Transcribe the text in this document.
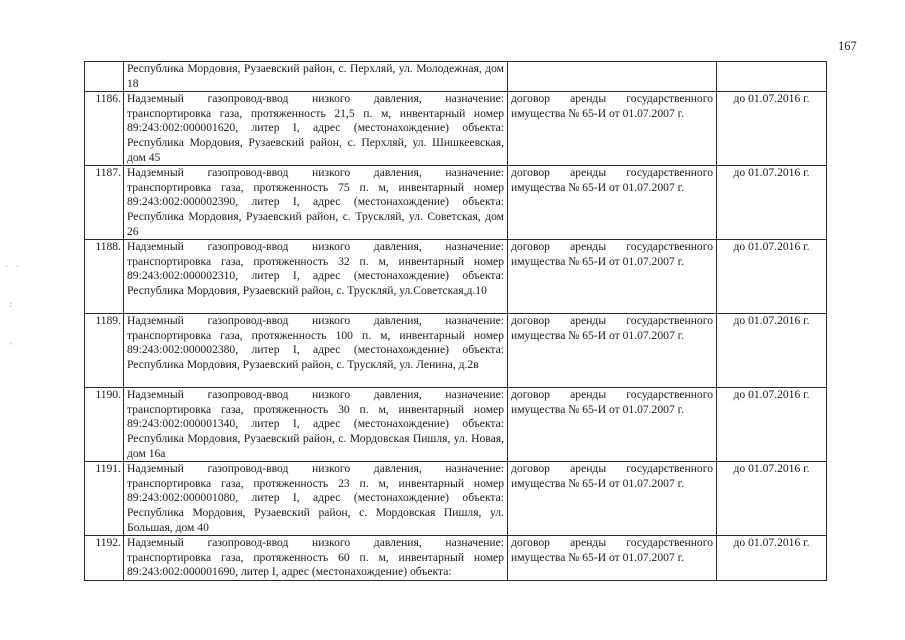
167

	Республика Мордовия, Рузаевский район, с. Перхляй, ул. Молодежная, дом 18		

1186.	Надземный газопровод-ввод низкого давления, назначение: транспортировка газа, протяженность 21,5 п. м, инвентарный номер 89:243:002:000001620, литер I, адрес (местонахождение) объекта: Республика Мордовия, Рузаевский район, с. Перхляй, ул. Шишкеевская, дом 45	договор аренды государственного имущества № 65-И от 01.07.2007 г.	до 01.07.2016 г.

1187.	Надземный газопровод-ввод низкого давления, назначение: транспортировка газа, протяженность 75 п. м, инвентарный номер 89:243:002:000002390, литер I, адрес (местонахождение) объекта: Республика Мордовия, Рузаевский район, с. Трускляй, ул. Советская, дом 26	договор аренды государственного имущества № 65-И от 01.07.2007 г.	до 01.07.2016 г.

1188.	Надземный газопровод-ввод низкого давления, назначение: транспортировка газа, протяженность 32 п. м, инвентарный номер 89:243:002:000002310, литер I, адрес (местонахождение) объекта: Республика Мордовия, Рузаевский район, с. Трускляй, ул.Советская,д.10	договор аренды государственного имущества № 65-И от 01.07.2007 г.	до 01.07.2016 г.

1189.	Надземный газопровод-ввод низкого давления, назначение: транспортировка газа, протяженность 100 п. м, инвентарный номер 89:243:002:000002380, литер I, адрес (местонахождение) объекта: Республика Мордовия, Рузаевский район, с. Трускляй, ул. Ленина, д.2в	договор аренды государственного имущества № 65-И от 01.07.2007 г.	до 01.07.2016 г.

1190.	Надземный газопровод-ввод низкого давления, назначение: транспортировка газа, протяженность 30 п. м, инвентарный номер 89:243:002:000001340, литер I, адрес (местонахождение) объекта: Республика Мордовия, Рузаевский район, с. Мордовская Пишля, ул. Новая, дом 16а	договор аренды государственного имущества № 65-И от 01.07.2007 г.	до 01.07.2016 г.

1191.	Надземный газопровод-ввод низкого давления, назначение: транспортировка газа, протяженность 23 п. м, инвентарный номер 89:243:002:000001080, литер I, адрес (местонахождение) объекта: Республика Мордовия, Рузаевский район, с. Мордовская Пишля, ул. Большая, дом 40	договор аренды государственного имущества № 65-И от 01.07.2007 г.	до 01.07.2016 г.

1192.	Надземный газопровод-ввод низкого давления, назначение: транспортировка газа, протяженность 60 п. м, инвентарный номер 89:243:002:000001690, литер I, адрес (местонахождение) объекта:	договор аренды государственного имущества № 65-И от 01.07.2007 г.	до 01.07.2016 г.
· ·
:
·
